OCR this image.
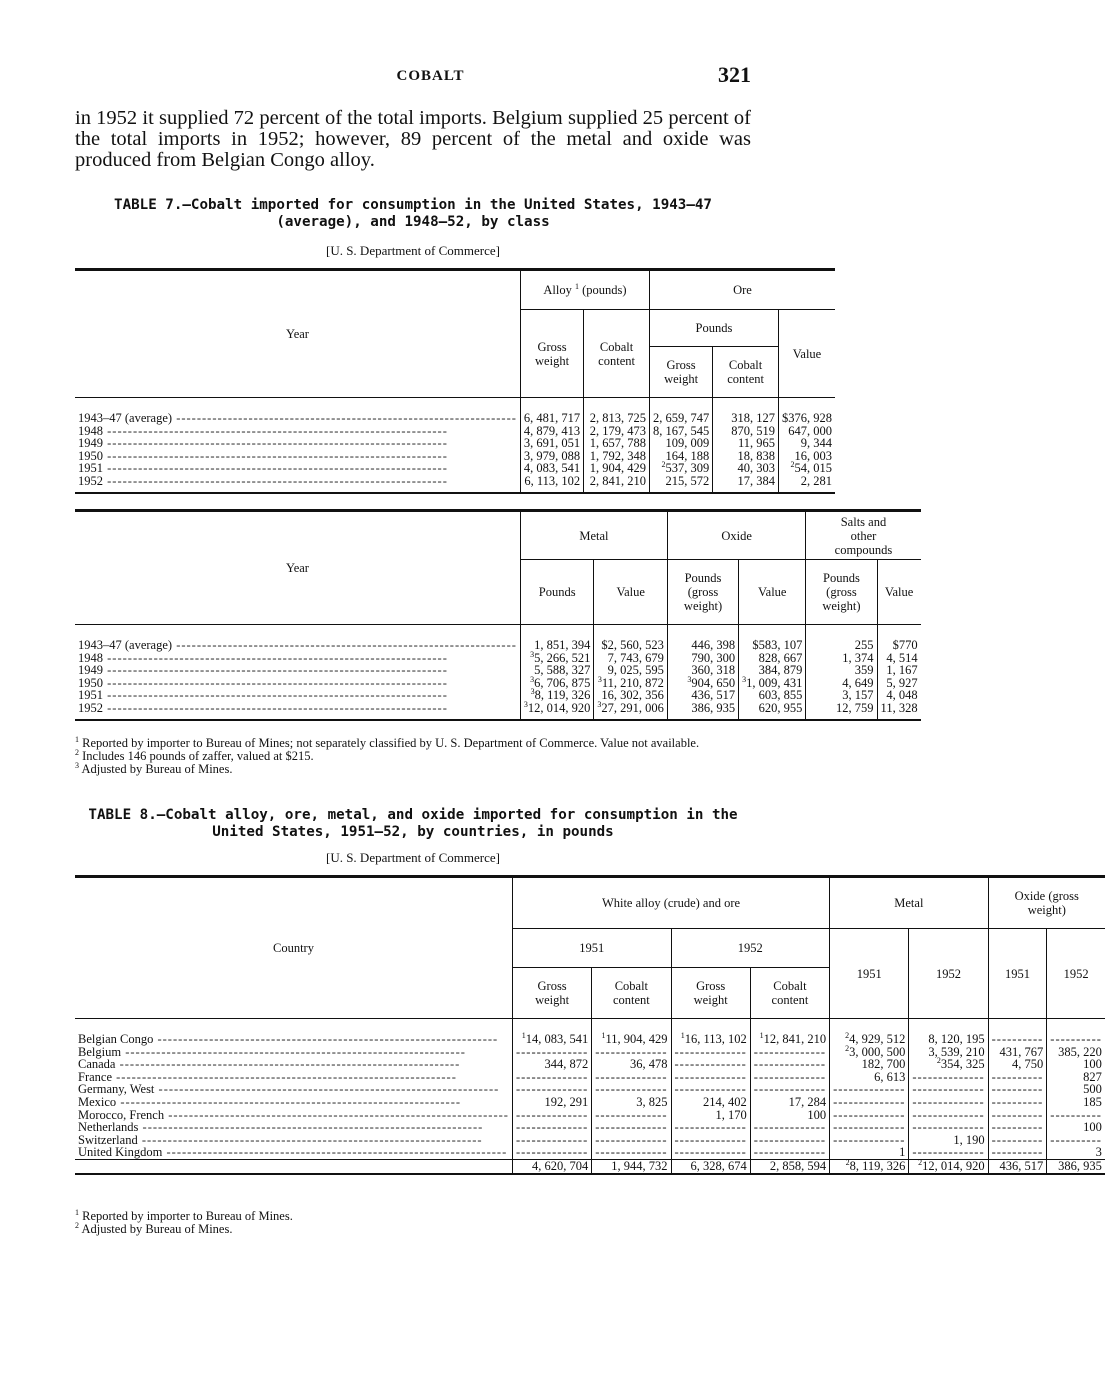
COBALT	321
in 1952 it supplied 72 percent of the total imports. Belgium supplied 25 percent of the total imports in 1952; however, 89 percent of the metal and oxide was produced from Belgian Congo alloy.
TABLE 7.—Cobalt imported for consumption in the United States, 1943–47
(average), and 1948–52, by class
[U. S. Department of Commerce]
Year	Alloy $^1$ (pounds)		Ore		
	Gross weight	Cobalt content	Pounds		Value
			Gross weight	Cobalt content	

1943–47 (average) ------------------------------------------------------------------	6, 481, 717	2, 813, 725	2, 659, 747	318, 127	$376, 928
1948 ------------------------------------------------------------------	4, 879, 413	2, 179, 473	8, 167, 545	870, 519	647, 000
1949 ------------------------------------------------------------------	3, 691, 051	1, 657, 788	109, 009	11, 965	9, 344
1950 ------------------------------------------------------------------	3, 979, 088	1, 792, 348	164, 188	18, 838	16, 003
1951 ------------------------------------------------------------------	4, 083, 541	1, 904, 429	$^2$537, 309	40, 303	$^2$54, 015
1952 ------------------------------------------------------------------	6, 113, 102	2, 841, 210	215, 572	17, 384	2, 281

Year	Metal		Oxide		Salts and other compounds	
	Pounds	Value	Pounds (gross weight)	Value	Pounds (gross weight)	Value

1943–47 (average) ------------------------------------------------------------------	1, 851, 394	$2, 560, 523	446, 398	$583, 107	255	$770
1948 ------------------------------------------------------------------	$^3$5, 266, 521	7, 743, 679	790, 300	828, 667	1, 374	4, 514
1949 ------------------------------------------------------------------	5, 588, 327	9, 025, 595	360, 318	384, 879	359	1, 167
1950 ------------------------------------------------------------------	$^3$6, 706, 875	$^3$11, 210, 872	$^3$904, 650	$^3$1, 009, 431	4, 649	5, 927
1951 ------------------------------------------------------------------	$^3$8, 119, 326	16, 302, 356	436, 517	603, 855	3, 157	4, 048
1952 ------------------------------------------------------------------	$^3$12, 014, 920	$^3$27, 291, 006	386, 935	620, 955	12, 759	11, 328

$^1$ Reported by importer to Bureau of Mines; not separately classified by U. S. Department of Commerce. Value not available.

$^2$ Includes 146 pounds of zaffer, valued at $215.

$^3$ Adjusted by Bureau of Mines.

TABLE 8.—Cobalt alloy, ore, metal, and oxide imported for consumption in the
United States, 1951–52, by countries, in pounds
[U. S. Department of Commerce]
Country	White alloy (crude) and ore				Metal		Oxide (gross weight)	
	1951		1952		1951	1952	1951	1952
	Gross weight	Cobalt content	Gross weight	Cobalt content				

Belgian Congo ------------------------------------------------------------------	$^1$14, 083, 541	$^1$11, 904, 429	$^1$16, 113, 102	$^1$12, 841, 210	$^2$4, 929, 512	8, 120, 195	----------	----------
Belgium ------------------------------------------------------------------	--------------	--------------	--------------	--------------	$^2$3, 000, 500	3, 539, 210	431, 767	385, 220
Canada ------------------------------------------------------------------	344, 872	36, 478	--------------	--------------	182, 700	$^2$354, 325	4, 750	100
France ------------------------------------------------------------------	--------------	--------------	--------------	--------------	6, 613	--------------	----------	827
Germany, West ------------------------------------------------------------------	--------------	--------------	--------------	--------------	--------------	--------------	----------	500
Mexico ------------------------------------------------------------------	192, 291	3, 825	214, 402	17, 284	--------------	--------------	----------	185
Morocco, French ------------------------------------------------------------------	--------------	--------------	1, 170	100	--------------	--------------	----------	----------
Netherlands ------------------------------------------------------------------	--------------	--------------	--------------	--------------	--------------	--------------	----------	100
Switzerland ------------------------------------------------------------------	--------------	--------------	--------------	--------------	--------------	1, 190	----------	----------
United Kingdom ------------------------------------------------------------------	--------------	--------------	--------------	--------------	1	--------------	----------	3
	4, 620, 704	1, 944, 732	6, 328, 674	2, 858, 594	$^2$8, 119, 326	$^2$12, 014, 920	436, 517	386, 935

$^1$ Reported by importer to Bureau of Mines.

$^2$ Adjusted by Bureau of Mines.
